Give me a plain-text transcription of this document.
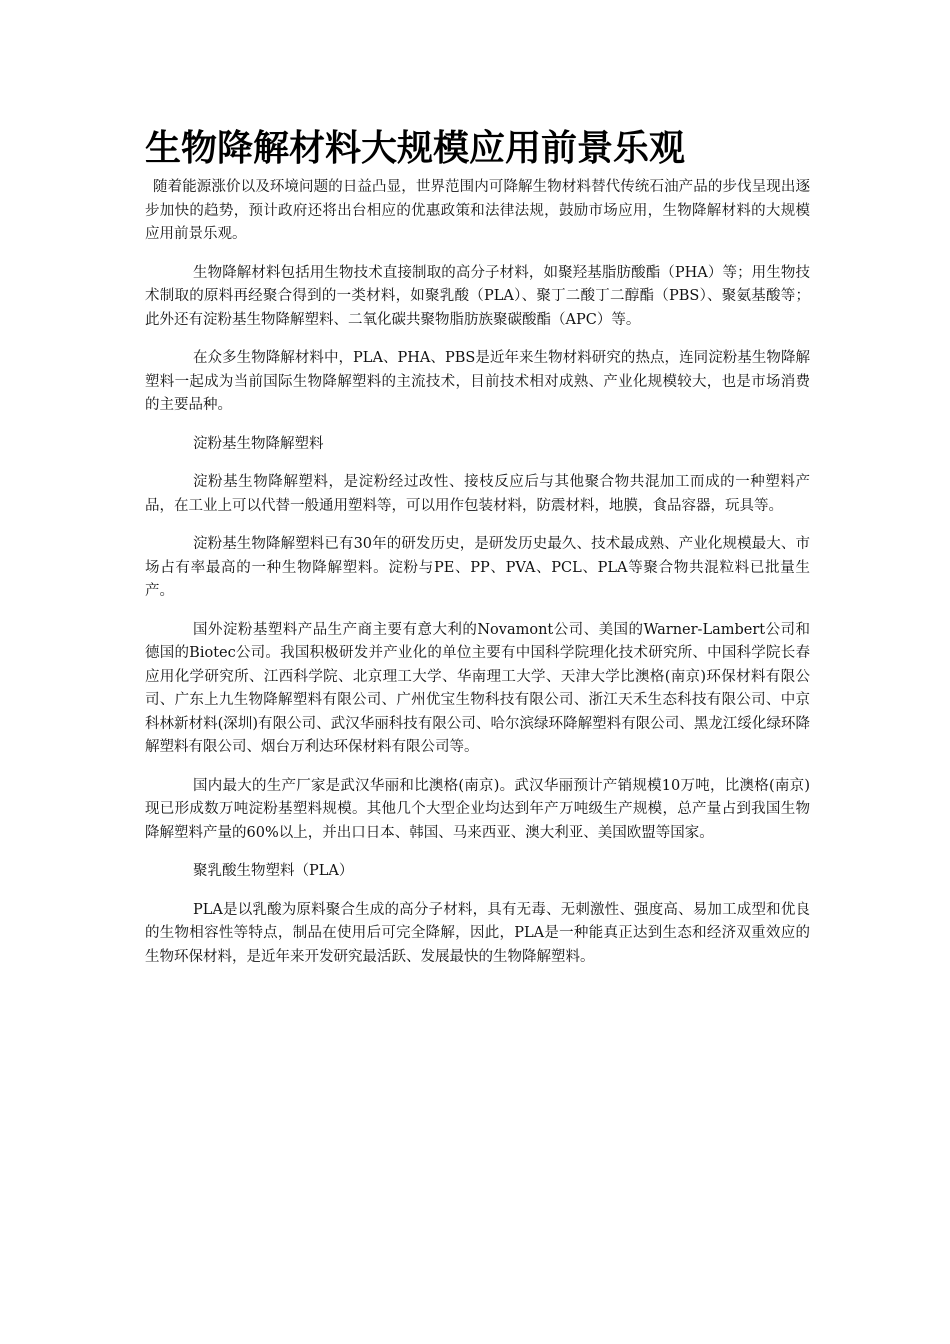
生物降解材料大规模应用前景乐观

随着能源涨价以及环境问题的日益凸显，世界范围内可降解生物材料替代传统石油产品的步伐呈现出逐步加快的趋势，预计政府还将出台相应的优惠政策和法律法规，鼓励市场应用，生物降解材料的大规模应用前景乐观。

生物降解材料包括用生物技术直接制取的高分子材料，如聚羟基脂肪酸酯（PHA）等；用生物技术制取的原料再经聚合得到的一类材料，如聚乳酸（PLA）、聚丁二酸丁二醇酯（PBS）、聚氨基酸等；此外还有淀粉基生物降解塑料、二氧化碳共聚物脂肪族聚碳酸酯（APC）等。

在众多生物降解材料中，PLA、PHA、PBS是近年来生物材料研究的热点，连同淀粉基生物降解塑料一起成为当前国际生物降解塑料的主流技术，目前技术相对成熟、产业化规模较大，也是市场消费的主要品种。

淀粉基生物降解塑料

淀粉基生物降解塑料，是淀粉经过改性、接枝反应后与其他聚合物共混加工而成的一种塑料产品，在工业上可以代替一般通用塑料等，可以用作包装材料，防震材料，地膜，食品容器，玩具等。

淀粉基生物降解塑料已有30年的研发历史，是研发历史最久、技术最成熟、产业化规模最大、市场占有率最高的一种生物降解塑料。淀粉与PE、PP、PVA、PCL、PLA等聚合物共混粒料已批量生产。

国外淀粉基塑料产品生产商主要有意大利的Novamont公司、美国的Warner-Lambert公司和德国的Biotec公司。我国积极研发并产业化的单位主要有中国科学院理化技术研究所、中国科学院长春应用化学研究所、江西科学院、北京理工大学、华南理工大学、天津大学比澳格(南京)环保材料有限公司、广东上九生物降解塑料有限公司、广州优宝生物科技有限公司、浙江天禾生态科技有限公司、中京科林新材料(深圳)有限公司、武汉华丽科技有限公司、哈尔滨绿环降解塑料有限公司、黑龙江绥化绿环降解塑料有限公司、烟台万利达环保材料有限公司等。

国内最大的生产厂家是武汉华丽和比澳格(南京)。武汉华丽预计产销规模10万吨，比澳格(南京)现已形成数万吨淀粉基塑料规模。其他几个大型企业均达到年产万吨级生产规模，总产量占到我国生物降解塑料产量的60%以上，并出口日本、韩国、马来西亚、澳大利亚、美国欧盟等国家。

聚乳酸生物塑料（PLA）

PLA是以乳酸为原料聚合生成的高分子材料，具有无毒、无刺激性、强度高、易加工成型和优良的生物相容性等特点，制品在使用后可完全降解，因此，PLA是一种能真正达到生态和经济双重效应的生物环保材料，是近年来开发研究最活跃、发展最快的生物降解塑料。
